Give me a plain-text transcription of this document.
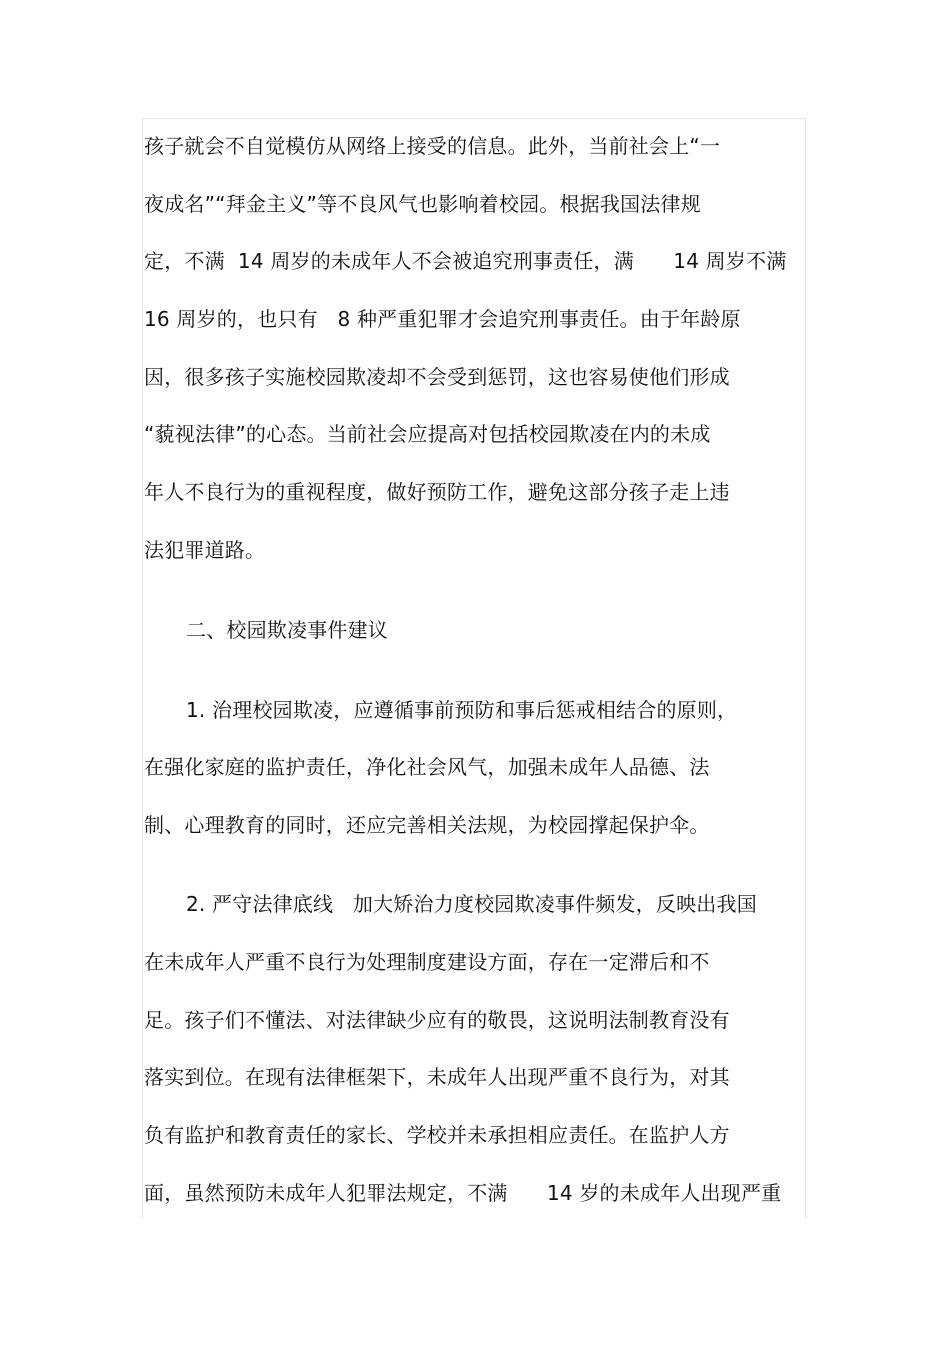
孩子就会不自觉模仿从网络上接受的信息。此外，当前社会上“一
夜成名”“拜金主义”等不良风气也影响着校园。根据我国法律规
定，不满  14 周岁的未成年人不会被追究刑事责任，满      14 周岁不满
16 周岁的，也只有   8 种严重犯罪才会追究刑事责任。由于年龄原
因，很多孩子实施校园欺凌却不会受到惩罚，这也容易使他们形成
“藐视法律”的心态。当前社会应提高对包括校园欺凌在内的未成
年人不良行为的重视程度，做好预防工作，避免这部分孩子走上违
法犯罪道路。
二、校园欺凌事件建议
1. 治理校园欺凌，应遵循事前预防和事后惩戒相结合的原则，
在强化家庭的监护责任，净化社会风气，加强未成年人品德、法
制、心理教育的同时，还应完善相关法规，为校园撑起保护伞。
2. 严守法律底线   加大矫治力度校园欺凌事件频发，反映出我国
在未成年人严重不良行为处理制度建设方面，存在一定滞后和不
足。孩子们不懂法、对法律缺少应有的敬畏，这说明法制教育没有
落实到位。在现有法律框架下，未成年人出现严重不良行为，对其
负有监护和教育责任的家长、学校并未承担相应责任。在监护人方
面，虽然预防未成年人犯罪法规定，不满      14 岁的未成年人出现严重
